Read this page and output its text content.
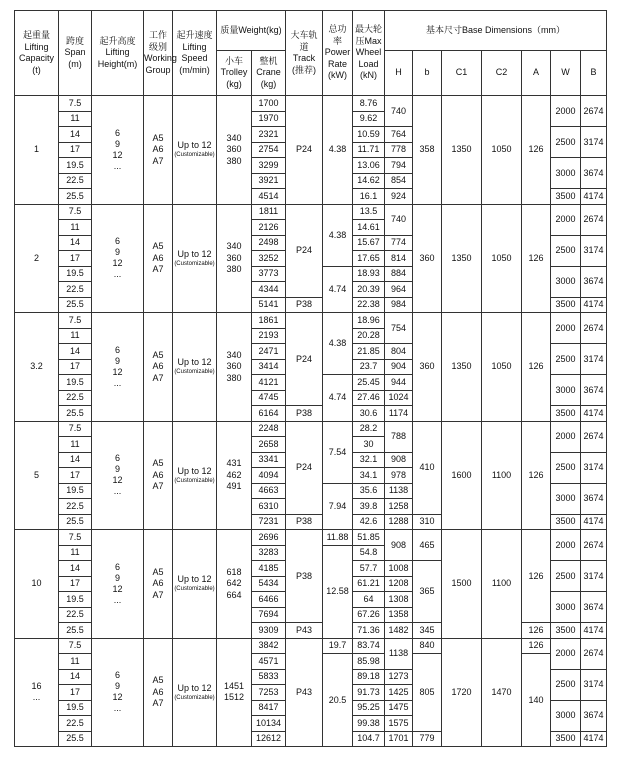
起重量
Lifting
Capacity
(t)	跨度
Span
(m)	起升高度
Lifting
Height(m)	工作
级别
Working
Group	起升速度
Lifting
Speed
(m/min)	质量Weight(kg)		大车轨
道
Track
(推荐)	总功
率
Power
Rate
(kW)	最大轮
压Max
Wheel
Load
(kN)	基本尺寸Base Dimensions（mm）						

					小车
Trolley
(kg)	整机
Crane
(kg)				H	b	C1	C2	A	W	B

1	7.5	6
9
12
...	A5
A6
A7	Up to 12
(Customizable)	340
360
380	1700	P24	4.38	8.76	740	358	1350	1050	126	2000	2674
	11					1970			9.62							
	14					2321			10.59	764					2500	3174
	17					2754			11.71	778						
	19.5					3299			13.06	794					3000	3674
	22.5					3921			14.62	854						
	25.5					4514			16.1	924					3500	4174

2	7.5	6
9
12
...	A5
A6
A7	Up to 12
(Customizable)	340
360
380	1811	P24	4.38	13.5	740	360	1350	1050	126	2000	2674
	11					2126			14.61							
	14					2498			15.67	774					2500	3174
	17					3252			17.65	814						
	19.5					3773		4.74	18.93	884					3000	3674
	22.5					4344			20.39	964						
	25.5					5141	P38		22.38	984					3500	4174

3.2	7.5	6
9
12
...	A5
A6
A7	Up to 12
(Customizable)	340
360
380	1861	P24	4.38	18.96	754	360	1350	1050	126	2000	2674
	11					2193			20.28							
	14					2471			21.85	804					2500	3174
	17					3414			23.7	904						
	19.5					4121		4.74	25.45	944					3000	3674
	22.5					4745			27.46	1024						
	25.5					6164	P38		30.6	1174					3500	4174

5	7.5	6
9
12
...	A5
A6
A7	Up to 12
(Customizable)	431
462
491	2248	P24	7.54	28.2	788	410	1600	1100	126	2000	2674
	11					2658			30							
	14					3341			32.1	908					2500	3174
	17					4094			34.1	978						
	19.5					4663		7.94	35.6	1138					3000	3674
	22.5					6310			39.8	1258						
	25.5					7231	P38		42.6	1288	310				3500	4174

10	7.5	6
9
12
...	A5
A6
A7	Up to 12
(Customizable)	618
642
664	2696	P38	11.88	51.85	908	465	1500	1100	126	2000	2674
	11					3283		12.58	54.8							
	14					4185			57.7	1008	365				2500	3174
	17					5434			61.21	1208						
	19.5					6466			64	1308					3000	3674
	22.5					7694			67.26	1358						
	25.5					9309	P43		71.36	1482	345			126	3500	4174

16
...	7.5	6
9
12
...	A5
A6
A7	Up to 12
(Customizable)	1451
1512	3842	P43	19.7	83.74	1138	840	1720	1470	126	2000	2674
	11					4571		20.5	85.98		805			140		
	14					5833			89.18	1273					2500	3174
	17					7253			91.73	1425						
	19.5					8417			95.25	1475					3000	3674
	22.5					10134			99.38	1575						
	25.5					12612			104.7	1701	779				3500	4174
